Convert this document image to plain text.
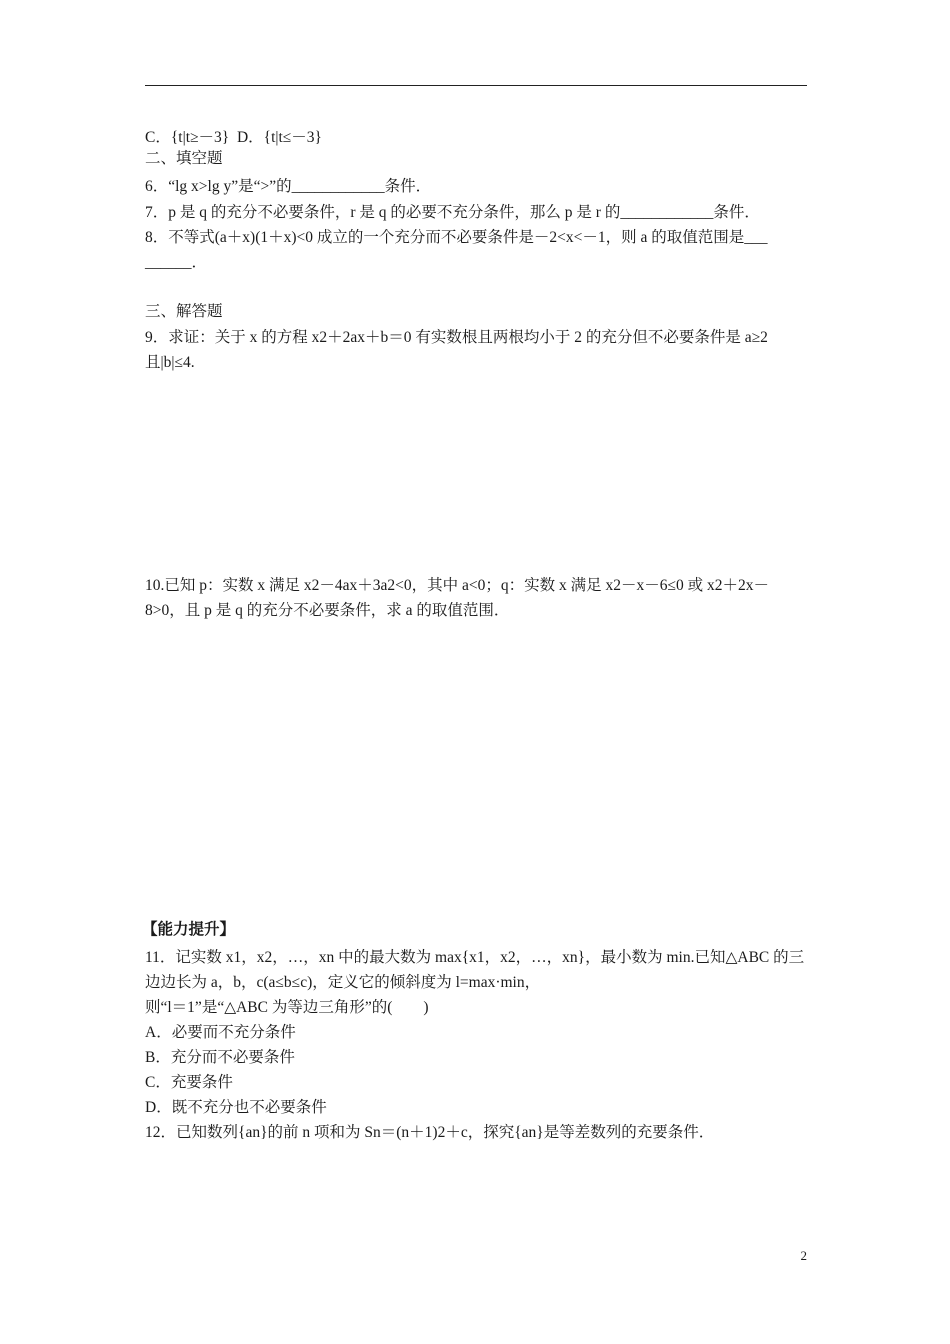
C．{t|t≥－3}  D．{t|t≤－3}
二、填空题
6．“lg x>lg y”是“>”的____________条件．
7．p 是 q 的充分不必要条件，r 是 q 的必要不充分条件，那么 p 是 r 的____________条件．
8．不等式(a＋x)(1＋x)<0 成立的一个充分而不必要条件是－2<x<－1，则 a 的取值范围是___
______．
三、解答题
9．求证：关于 x 的方程 x2＋2ax＋b＝0 有实数根且两根均小于 2 的充分但不必要条件是 a≥2
且|b|≤4.
10.已知 p：实数 x 满足 x2－4ax＋3a2<0，其中 a<0；q：实数 x 满足 x2－x－6≤0 或 x2＋2x－
8>0，且 p 是 q 的充分不必要条件，求 a 的取值范围．
【能力提升】
11．记实数 x1，x2，…，xn 中的最大数为 max{x1，x2，…，xn}，最小数为 min.已知△ABC 的三
边边长为 a，b，c(a≤b≤c)，定义它的倾斜度为 l=max·min，
则“l＝1”是“△ABC 为等边三角形”的(        )
A．必要而不充分条件
B．充分而不必要条件
C．充要条件
D．既不充分也不必要条件
12．已知数列{an}的前 n 项和为 Sn＝(n＋1)2＋c，探究{an}是等差数列的充要条件．
2
